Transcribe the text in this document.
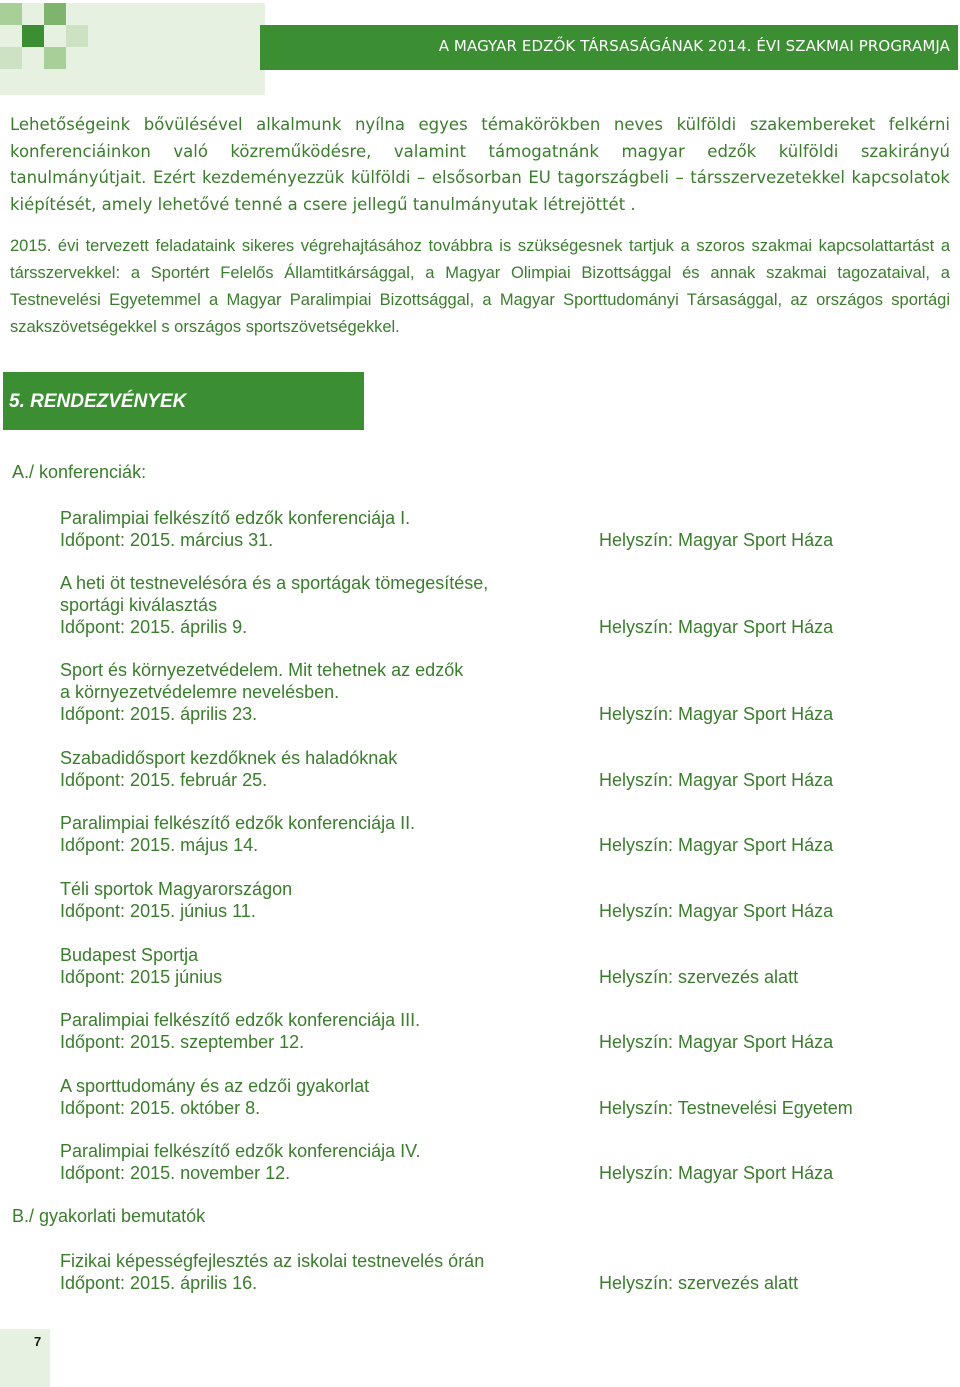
A MAGYAR EDZŐK TÁRSASÁGÁNAK 2014. ÉVI SZAKMAI PROGRAMJA
Lehetőségeink bővülésével alkalmunk nyílna egyes témakörökben neves külföldi szakembereket felkérni konferenciáinkon való közreműködésre, valamint támogatnánk magyar edzők külföldi szakirányú tanulmányútjait. Ezért kezdeményezzük külföldi – elsősorban EU tagországbeli – társszervezetekkel kapcsolatok kiépítését, amely lehetővé tenné a csere jellegű tanulmányutak létrejöttét .
2015. évi tervezett feladataink sikeres végrehajtásához továbbra is szükségesnek tartjuk a szoros szakmai kapcsolattartást a társszervekkel: a Sportért Felelős Államtitkársággal, a Magyar Olimpiai Bizottsággal és annak szakmai tagozataival, a Testnevelési Egyetemmel a Magyar Paralimpiai Bizottsággal, a Magyar Sporttudományi Társasággal, az országos sportági szakszövetségekkel s országos sportszövetségekkel.
5. RENDEZVÉNYEK
A./ konferenciák:
Paralimpiai felkészítő edzők konferenciája I.
Időpont: 2015. március 31.	Helyszín: Magyar Sport Háza
A heti öt testnevelésóra és a sportágak tömegesítése,
sportági kiválasztás
Időpont: 2015. április 9.	Helyszín: Magyar Sport Háza
Sport és környezetvédelem. Mit tehetnek az edzők
a környezetvédelemre nevelésben.
Időpont: 2015. április 23.	Helyszín: Magyar Sport Háza
Szabadidősport kezdőknek és haladóknak
Időpont: 2015. február 25.	Helyszín: Magyar Sport Háza
Paralimpiai felkészítő edzők konferenciája II.
Időpont: 2015. május 14.	Helyszín: Magyar Sport Háza
Téli sportok Magyarországon
Időpont: 2015. június 11.	Helyszín: Magyar Sport Háza
Budapest Sportja
Időpont: 2015 június	Helyszín: szervezés alatt
Paralimpiai felkészítő edzők konferenciája III.
Időpont: 2015. szeptember 12.	Helyszín: Magyar Sport Háza
A sporttudomány és az edzői gyakorlat
Időpont: 2015. október 8.	Helyszín: Testnevelési Egyetem
Paralimpiai felkészítő edzők konferenciája IV.
Időpont: 2015. november 12.	Helyszín: Magyar Sport Háza
B./ gyakorlati bemutatók
Fizikai képességfejlesztés az iskolai testnevelés órán
Időpont: 2015. április 16.	Helyszín: szervezés alatt
7
